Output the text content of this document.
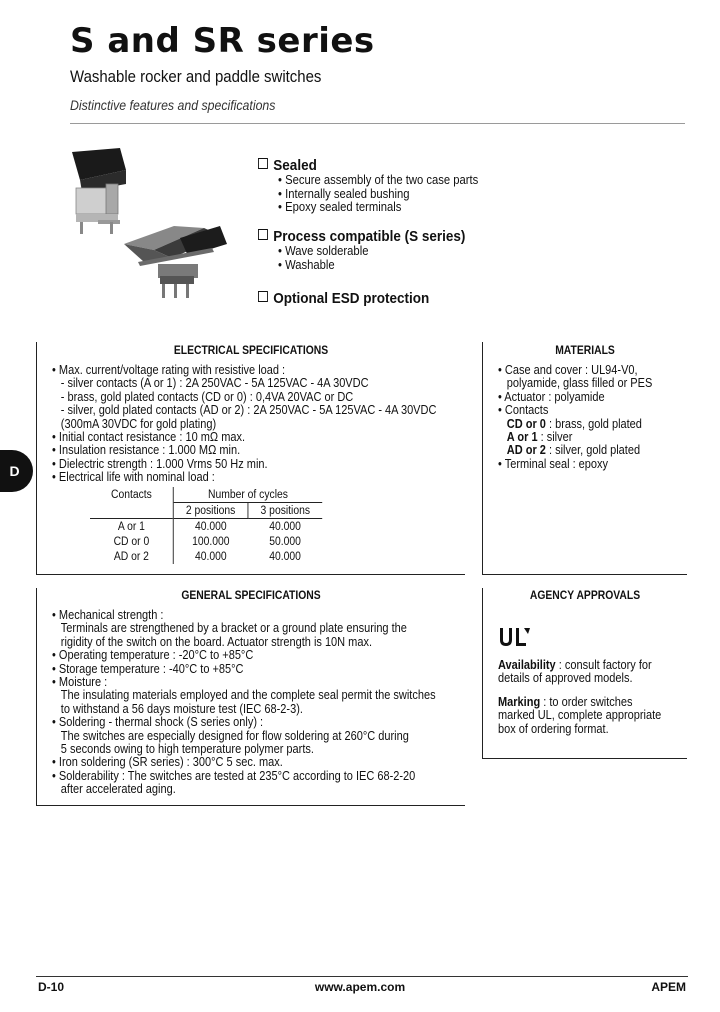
S and SR series
Washable rocker and paddle switches
Distinctive features and specifications
Sealed
• Secure assembly of the two case parts
• Internally sealed bushing
• Epoxy sealed terminals
Process compatible (S series)
• Wave solderable
• Washable
Optional ESD protection
ELECTRICAL SPECIFICATIONS
• Max. current/voltage rating with resistive load :
- silver contacts (A or 1) : 2A 250VAC - 5A 125VAC - 4A 30VDC
- brass, gold plated contacts (CD or 0) : 0,4VA 20VAC or DC
- silver, gold plated contacts (AD or 2) : 2A 250VAC - 5A 125VAC - 4A 30VDC
(300mA 30VDC for gold plating)
• Initial contact resistance : 10 mΩ max.
• Insulation resistance : 1.000 MΩ min.
• Dielectric strength : 1.000 Vrms 50 Hz min.
• Electrical life with nominal load :
Contacts	Number of cycles	
	2 positions	3 positions
A or 1	40.000	40.000
CD or 0	100.000	50.000
AD or 2	40.000	40.000
MATERIALS
• Case and cover : UL94-V0,
polyamide, glass filled or PES
• Actuator : polyamide
• Contacts
CD or 0 : brass, gold plated
A or 1 : silver
AD or 2 : silver, gold plated
• Terminal seal : epoxy
GENERAL SPECIFICATIONS
• Mechanical strength :
Terminals are strengthened by a bracket or a ground plate ensuring the
rigidity of the switch on the board. Actuator strength is 10N max.
• Operating temperature : -20°C to +85°C
• Storage temperature : -40°C to +85°C
• Moisture :
The insulating materials employed and the complete seal permit the switches
to withstand a 56 days moisture test (IEC 68-2-3).
• Soldering - thermal shock (S series only) :
The switches are especially designed for flow soldering at 260°C during
5 seconds owing to high temperature polymer parts.
• Iron soldering (SR series) : 300°C 5 sec. max.
• Solderability : The switches are tested at 235°C according to IEC 68-2-20
after accelerated aging.
AGENCY APPROVALS
Availability : consult factory for
details of approved models.
Marking : to order switches
marked UL, complete appropriate
box of ordering format.
D
D-10	www.apem.com	APEM
